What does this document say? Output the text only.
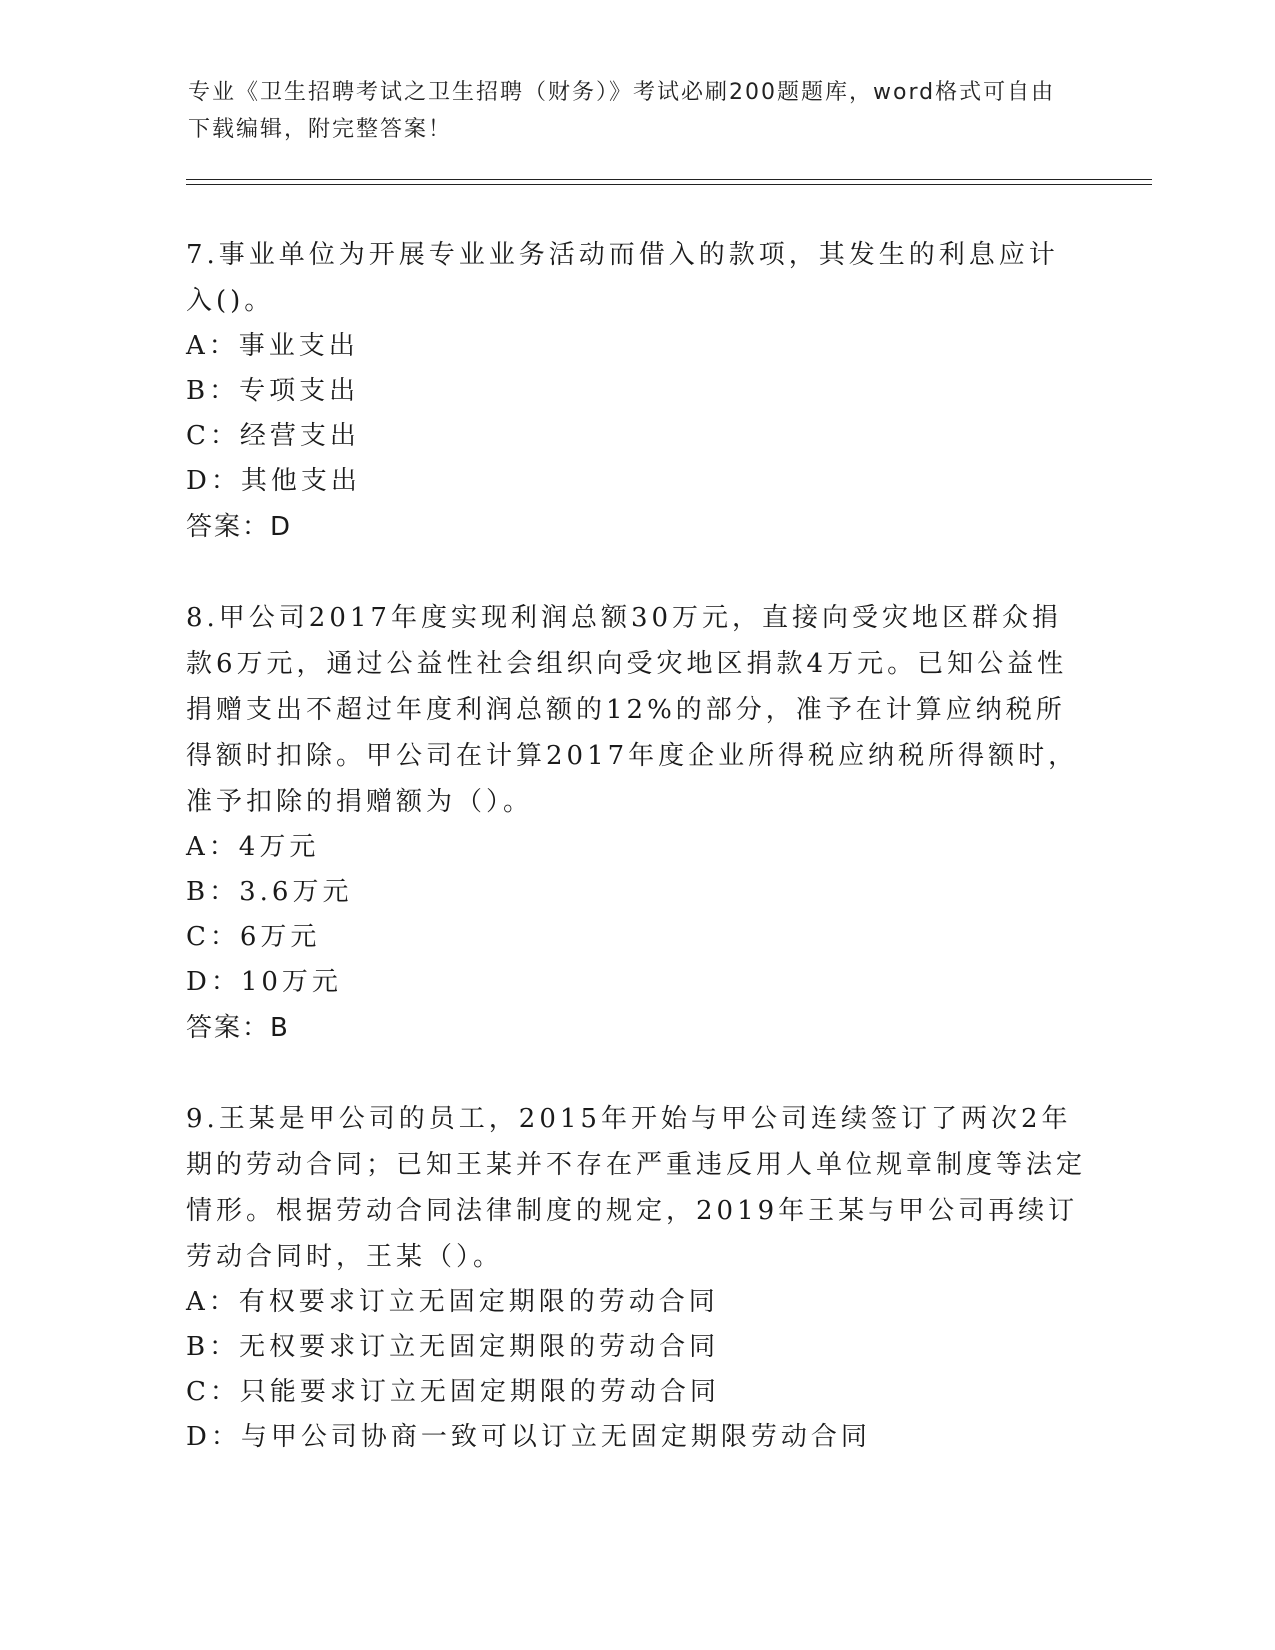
专业《卫生招聘考试之卫生招聘（财务）》考试必刷200题题库，word格式可自由下载编辑，附完整答案！

7.事业单位为开展专业业务活动而借入的款项，其发生的利息应计入()。

A：事业支出

B：专项支出

C：经营支出

D：其他支出

答案：D

8.甲公司2017年度实现利润总额30万元，直接向受灾地区群众捐款6万元，通过公益性社会组织向受灾地区捐款4万元。已知公益性捐赠支出不超过年度利润总额的12%的部分，准予在计算应纳税所得额时扣除。甲公司在计算2017年度企业所得税应纳税所得额时，准予扣除的捐赠额为（）。

A：4万元

B：3.6万元

C：6万元

D：10万元

答案：B

9.王某是甲公司的员工，2015年开始与甲公司连续签订了两次2年期的劳动合同；已知王某并不存在严重违反用人单位规章制度等法定情形。根据劳动合同法律制度的规定，2019年王某与甲公司再续订劳动合同时，王某（）。

A：有权要求订立无固定期限的劳动合同

B：无权要求订立无固定期限的劳动合同

C：只能要求订立无固定期限的劳动合同

D：与甲公司协商一致可以订立无固定期限劳动合同
